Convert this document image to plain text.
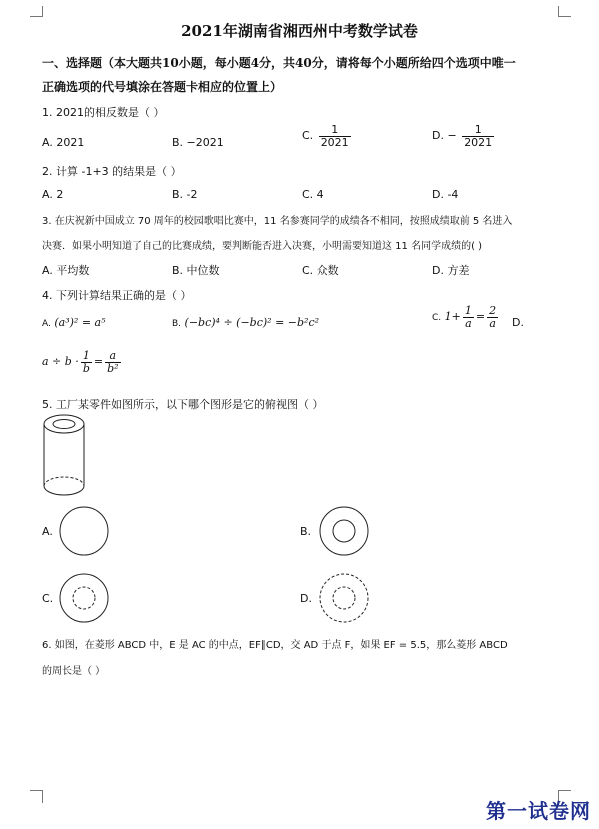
2021年湖南省湘西州中考数学试卷
一、选择题（本大题共10小题，每小题4分，共40分，请将每个小题所给四个选项中唯一
正确选项的代号填涂在答题卡相应的位置上）
1. 2021的相反数是（ ）
A. 2021	B. −2021
C. $\frac{1}{2021}$	D. − $\frac{1}{2021}$
2. 计算 -1+3 的结果是（ ）
A. 2	B. -2	C. 4	D. -4
3. 在庆祝新中国成立 70 周年的校园歌唱比赛中，11 名参赛同学的成绩各不相同，按照成绩取前 5 名进入
决赛．如果小明知道了自己的比赛成绩，要判断能否进入决赛，小明需要知道这 11 名同学成绩的( )
A. 平均数	B. 中位数	C. 众数	D. 方差
4. 下列计算结果正确的是（ ）
A. (a³)² = a⁵	B. (−bc)⁴ ÷ (−bc)² = −b²c²	C. $1+ \frac{1}{a} = \frac{2}{a} D$.
$a \div b \cdot \frac{1}{b} = \frac{a}{\text{b²}}$
5. 工厂某零件如图所示，以下哪个图形是它的俯视图（ ）
A.	B.
C.	D.
6. 如图，在菱形 ABCD 中，E 是 AC 的中点，EF∥CD，交 AD 于点 F，如果 EF = 5.5，那么菱形 ABCD
的周长是（ ）
第一试卷网
